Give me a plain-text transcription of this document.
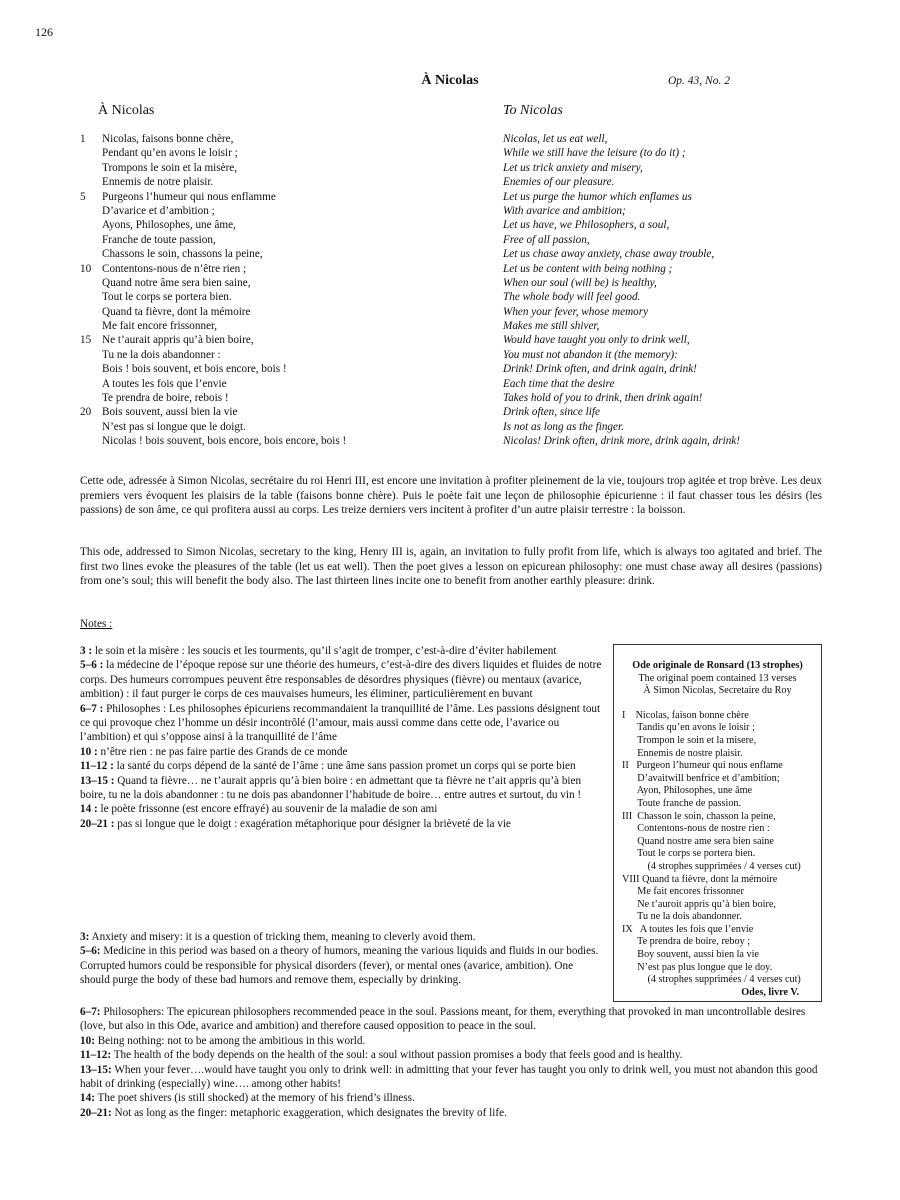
126
À Nicolas	Op. 43, No. 2
À Nicolas	To Nicolas
1
5
10
15
20
Nicolas, faisons bonne chère,
Pendant qu’en avons le loisir ;
Trompons le soin et la misère,
Ennemis de notre plaisir.
Purgeons l’humeur qui nous enflamme
D’avarice et d’ambition ;
Ayons, Philosophes, une âme,
Franche de toute passion,
Chassons le soin, chassons la peine,
Contentons-nous de n’être rien ;
Quand notre âme sera bien saine,
Tout le corps se portera bien.
Quand ta fièvre, dont la mémoire
Me fait encore frissonner,
Ne t’aurait appris qu’à bien boire,
Tu ne la dois abandonner :
Bois ! bois souvent, et bois encore, bois !
A toutes les fois que l’envie
Te prendra de boire, rebois !
Bois souvent, aussi bien la vie
N’est pas si longue que le doigt.
Nicolas ! bois souvent, bois encore, bois encore, bois !
Nicolas, let us eat well,
While we still have the leisure (to do it) ;
Let us trick anxiety and misery,
Enemies of our pleasure.
Let us purge the humor which enflames us
With avarice and ambition;
Let us have, we Philosophers, a soul,
Free of all passion,
Let us chase away anxiety, chase away trouble,
Let us be content with being nothing ;
When our soul (will be) is healthy,
The whole body will feel good.
When your fever, whose memory
Makes me still shiver,
Would have taught you only to drink well,
You must not abandon it (the memory):
Drink! Drink often, and drink again, drink!
Each time that the desire
Takes hold of you to drink, then drink again!
Drink often, since life
Is not as long as the finger.
Nicolas! Drink often, drink more, drink again, drink!
Cette ode, adressée à Simon Nicolas, secrétaire du roi Henri III, est encore une invitation à profiter pleinement de la vie, toujours trop agitée et trop brève. Les deux premiers vers évoquent les plaisirs de la table (faisons bonne chère). Puis le poète fait une leçon de philosophie épicurienne : il faut chasser tous les désirs (les passions) de son âme, ce qui profitera aussi au corps. Les treize derniers vers incitent à profiter d’un autre plaisir terrestre : la boisson.
This ode, addressed to Simon Nicolas, secretary to the king, Henry III is, again, an invitation to fully profit from life, which is always too agitated and brief. The first two lines evoke the pleasures of the table (let us eat well). Then the poet gives a lesson on epicurean philosophy: one must chase away all desires (passions) from one’s soul; this will benefit the body also. The last thirteen lines incite one to benefit from another earthly pleasure: drink.
Notes :

3 : le soin et la misère : les soucis et les tourments, qu’il s’agit de tromper, c’est-à-dire d’éviter habilement

5–6 : la médecine de l’époque repose sur une théorie des humeurs, c’est-à-dire des divers liquides et fluides de notre corps. Des humeurs corrompues peuvent être responsables de désordres physiques (fièvre) ou mentaux (avarice, ambition) : il faut purger le corps de ces mauvaises humeurs, les éliminer, particulièrement en buvant

6–7 : Philosophes : Les philosophes épicuriens recommandaient la tranquillité de l’âme. Les passions désignent tout ce qui provoque chez l’homme un désir incontrôlé (l’amour, mais aussi comme dans cette ode, l’avarice ou l’ambition) et qui s’oppose ainsi à la tranquillité de l’âme

10 : n’être rien : ne pas faire partie des Grands de ce monde

11–12 : la santé du corps dépend de la santé de l’âme : une âme sans passion promet un corps qui se porte bien

13–15 : Quand ta fièvre… ne t’aurait appris qu’à bien boire : en admettant que ta fièvre ne t’ait appris qu’à bien boire, tu ne la dois abandonner : tu ne dois pas abandonner l’habitude de boire… entre autres et surtout, du vin !

14 : le poète frissonne (est encore effrayé) au souvenir de la maladie de son ami

20–21 : pas si longue que le doigt : exagération métaphorique pour désigner la brièveté de la vie

3: Anxiety and misery: it is a question of tricking them, meaning to cleverly avoid them.

5–6: Medicine in this period was based on a theory of humors, meaning the various liquids and fluids in our bodies. Corrupted humors could be responsible for physical disorders (fever), or mental ones (avarice, ambition). One should purge the body of these bad humors and remove them, especially by drinking.

6–7: Philosophers: The epicurean philosophers recommended peace in the soul. Passions meant, for them, everything that provoked in man uncontrollable desires (love, but also in this Ode, avarice and ambition) and therefore caused opposition to peace in the soul.

10: Being nothing: not to be among the ambitious in this world.

11–12: The health of the body depends on the health of the soul: a soul without passion promises a body that feels good and is healthy.

13–15: When your fever….would have taught you only to drink well: in admitting that your fever has taught you only to drink well, you must not abandon this good habit of drinking (especially) wine…. among other habits!

14: The poet shivers (is still shocked) at the memory of his friend’s illness.

20–21: Not as long as the finger: metaphoric exaggeration, which designates the brevity of life.

Ode originale de Ronsard (13 strophes)
The original poem contained 13 verses
À Simon Nicolas, Secretaire du Roy
I    Nicolas, faison bonne chère
Tandis qu’en avons le loisir ;
Trompon le soin et la misere,
Ennemis de nostre plaisir.
II   Purgeon l’humeur qui nous enflame
D’avaitwill benfrice et d’ambition;
Ayon, Philosophes, une âme
Toute franche de passion.
III  Chasson le soin, chasson la peine,
Contentons-nous de nostre rien :
Quand nostre ame sera bien saine
Tout le corps se portera bien.
(4 strophes supprimées / 4 verses cut)
VIII Quand ta fièvre, dont la mémoire
Me fait encores frissonner
Ne t’auroit appris qu’à bien boire,
Tu ne la dois abandonner.
IX   A toutes les fois que l’envie
Te prendra de boire, reboy ;
Boy souvent, aussi bien la vie
N’est pas plus longue que le doy.
(4 strophes supprimées / 4 verses cut)
Odes, livre V.
